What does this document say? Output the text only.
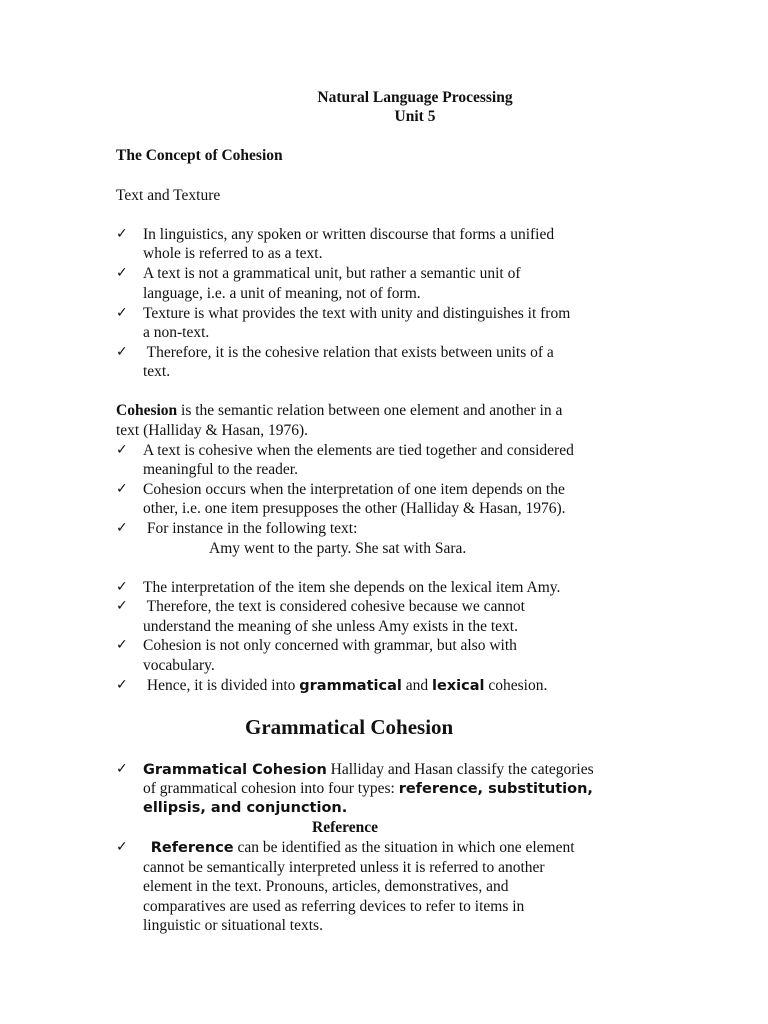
Natural Language Processing
Unit 5
The Concept of Cohesion
Text and Texture
✓ In linguistics, any spoken or written discourse that forms a unified
whole is referred to as a text.
✓ A text is not a grammatical unit, but rather a semantic unit of
language, i.e. a unit of meaning, not of form.
✓ Texture is what provides the text with unity and distinguishes it from
a non-text.
✓ Therefore, it is the cohesive relation that exists between units of a
text.
Cohesion is the semantic relation between one element and another in a
text (Halliday & Hasan, 1976).
✓ A text is cohesive when the elements are tied together and considered
meaningful to the reader.
✓ Cohesion occurs when the interpretation of one item depends on the
other, i.e. one item presupposes the other (Halliday & Hasan, 1976).
✓ For instance in the following text:
Amy went to the party. She sat with Sara.
✓ The interpretation of the item she depends on the lexical item Amy.
✓ Therefore, the text is considered cohesive because we cannot
understand the meaning of she unless Amy exists in the text.
✓ Cohesion is not only concerned with grammar, but also with
vocabulary.
✓ Hence, it is divided into grammatical and lexical cohesion.
Grammatical Cohesion
✓ Grammatical Cohesion Halliday and Hasan classify the categories
of grammatical cohesion into four types: reference, substitution,
ellipsis, and conjunction.
Reference
✓	Reference can be identified as the situation in which one element
cannot be semantically interpreted unless it is referred to another
element in the text. Pronouns, articles, demonstratives, and
comparatives are used as referring devices to refer to items in
linguistic or situational texts.
